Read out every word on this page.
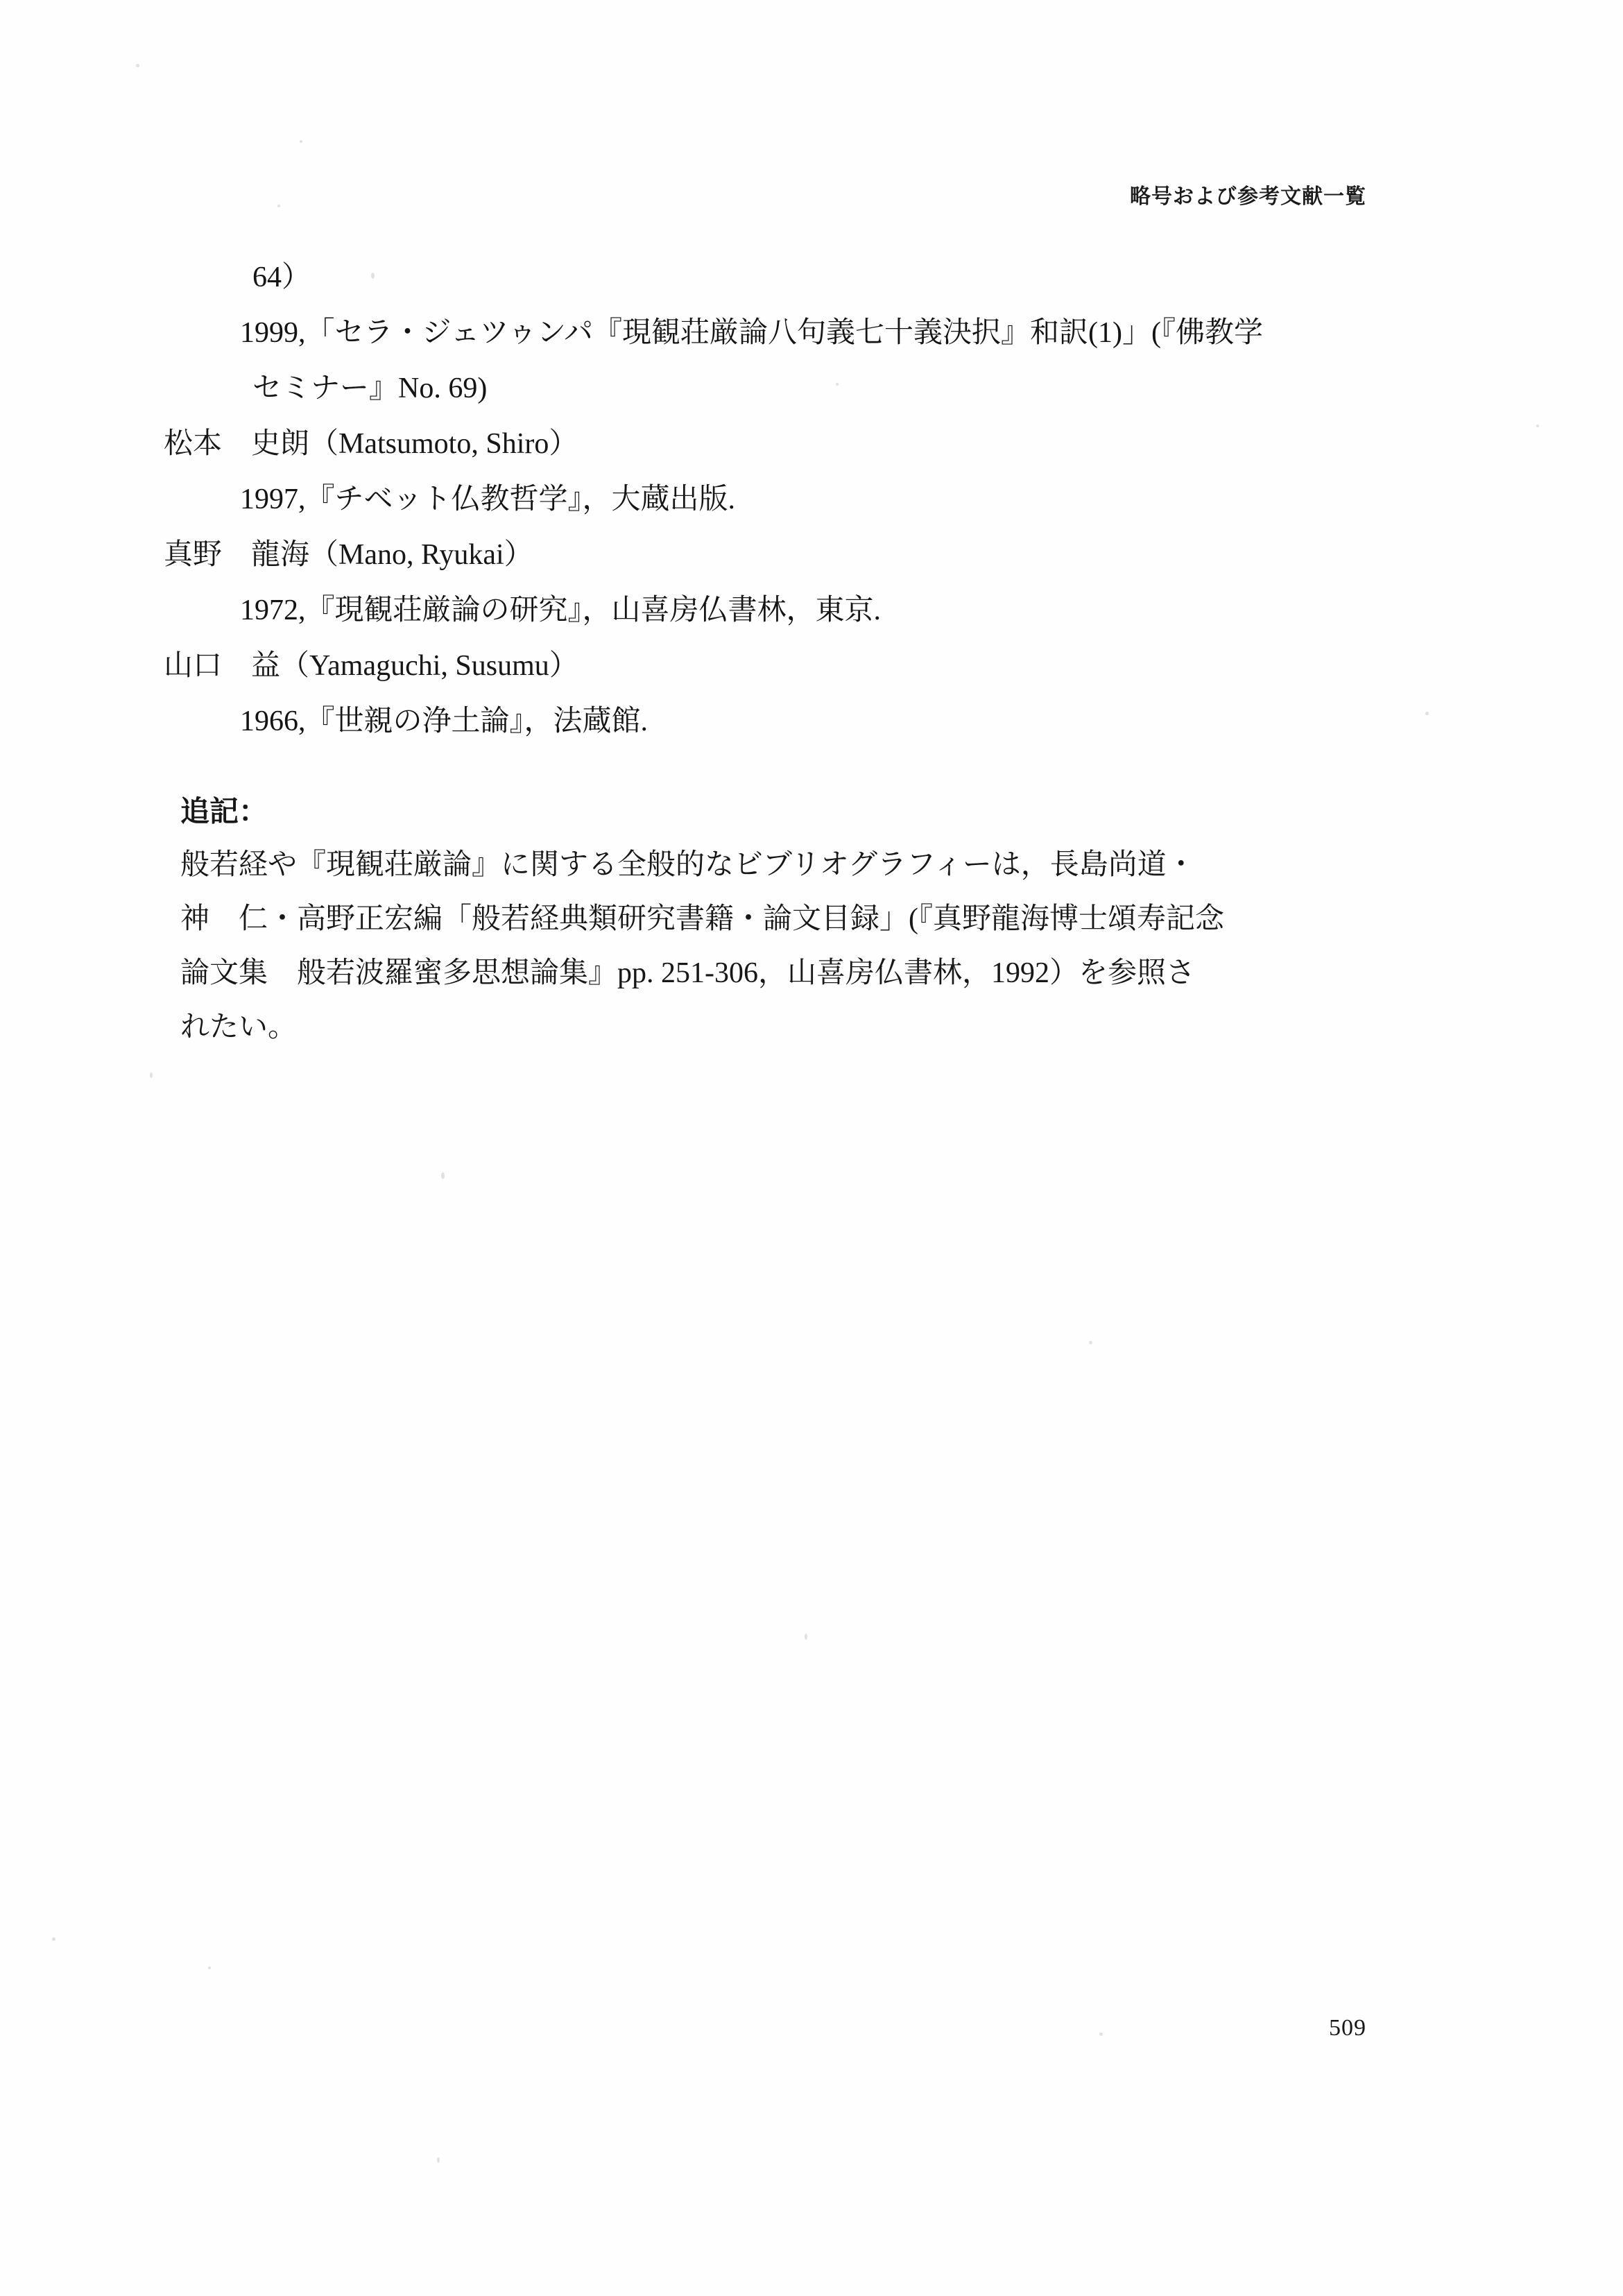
略号および参考文献一覧
64）
1999,「セラ・ジェツゥンパ『現観荘厳論八句義七十義決択』和訳(1)」(『佛教学
セミナー』No. 69)
松本　史朗（Matsumoto, Shiro）
1997,『チベット仏教哲学』，大蔵出版.
真野　龍海（Mano, Ryukai）
1972,『現観荘厳論の研究』，山喜房仏書林，東京.
山口　益（Yamaguchi, Susumu）
1966,『世親の浄土論』，法蔵館.
追記：

般若経や『現観荘厳論』に関する全般的なビブリオグラフィーは，長島尚道・

神　仁・高野正宏編「般若経典類研究書籍・論文目録」(『真野龍海博士頌寿記念

論文集　般若波羅蜜多思想論集』pp. 251-306，山喜房仏書林，1992）を参照さ

れたい。

509
